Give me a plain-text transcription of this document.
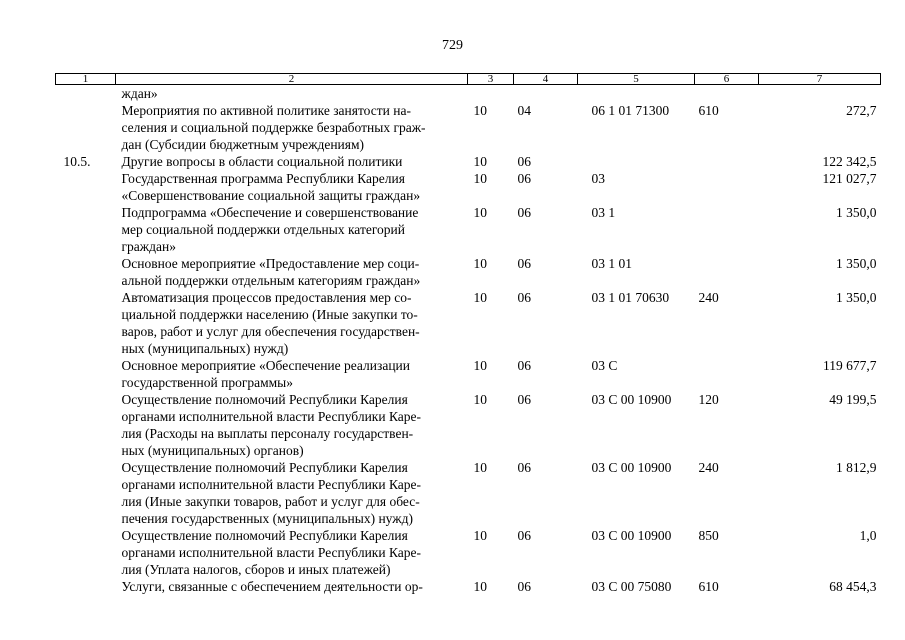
729
1	2	3	4	5	6	7

	ждан»					

	Мероприятия по активной политике занятости на-
селения и социальной поддержке безработных граж-
дан (Субсидии бюджетным учреждениям)	10	04	06 1 01 71300	610	272,7
10.5.	Другие вопросы в области социальной политики	10	06			122 342,5

	Государственная программа Республики Карелия
«Совершенствование социальной защиты граждан»	10	06	03		121 027,7

	Подпрограмма «Обеспечение и совершенствование
мер социальной поддержки отдельных категорий
граждан»	10	06	03 1		1 350,0

	Основное мероприятие «Предоставление мер соци-
альной поддержки отдельным категориям граждан»	10	06	03 1 01		1 350,0

	Автоматизация процессов предоставления мер со-
циальной поддержки населению (Иные закупки то-
варов, работ и услуг для обеспечения государствен-
ных (муниципальных) нужд)	10	06	03 1 01 70630	240	1 350,0

	Основное мероприятие «Обеспечение реализации
государственной программы»	10	06	03 С		119 677,7

	Осуществление полномочий Республики Карелия
органами исполнительной власти Республики Каре-
лия (Расходы на выплаты персоналу государствен-
ных (муниципальных) органов)	10	06	03 С 00 10900	120	49 199,5

	Осуществление полномочий Республики Карелия
органами исполнительной власти Республики Каре-
лия (Иные закупки товаров, работ и услуг для обес-
печения государственных (муниципальных) нужд)	10	06	03 С 00 10900	240	1 812,9

	Осуществление полномочий Республики Карелия
органами исполнительной власти Республики Каре-
лия (Уплата налогов, сборов и иных платежей)	10	06	03 С 00 10900	850	1,0

	Услуги, связанные с обеспечением деятельности ор-	10	06	03 С 00 75080	610	68 454,3
